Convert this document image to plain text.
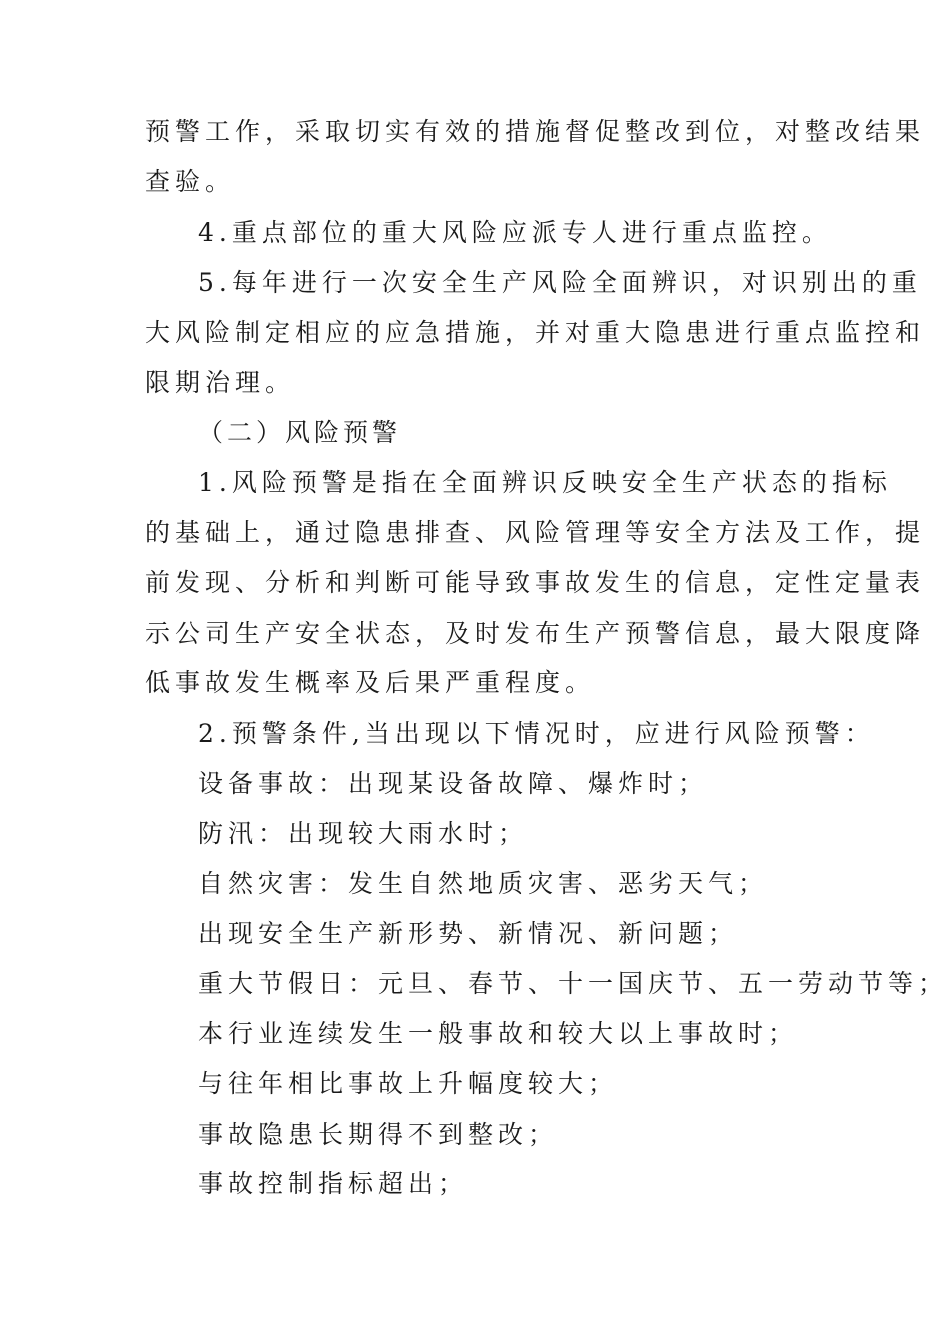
预警工作，采取切实有效的措施督促整改到位，对整改结果
查验。
4.重点部位的重大风险应派专人进行重点监控。
5.每年进行一次安全生产风险全面辨识，对识别出的重
大风险制定相应的应急措施，并对重大隐患进行重点监控和
限期治理。
（二）风险预警
1.风险预警是指在全面辨识反映安全生产状态的指标
的基础上，通过隐患排查、风险管理等安全方法及工作，提
前发现、分析和判断可能导致事故发生的信息，定性定量表
示公司生产安全状态，及时发布生产预警信息，最大限度降
低事故发生概率及后果严重程度。
2.预警条件,当出现以下情况时，应进行风险预警：
设备事故：出现某设备故障、爆炸时；
防汛：出现较大雨水时；
自然灾害：发生自然地质灾害、恶劣天气；
出现安全生产新形势、新情况、新问题；
重大节假日：元旦、春节、十一国庆节、五一劳动节等；
本行业连续发生一般事故和较大以上事故时；
与往年相比事故上升幅度较大；
事故隐患长期得不到整改；
事故控制指标超出；
